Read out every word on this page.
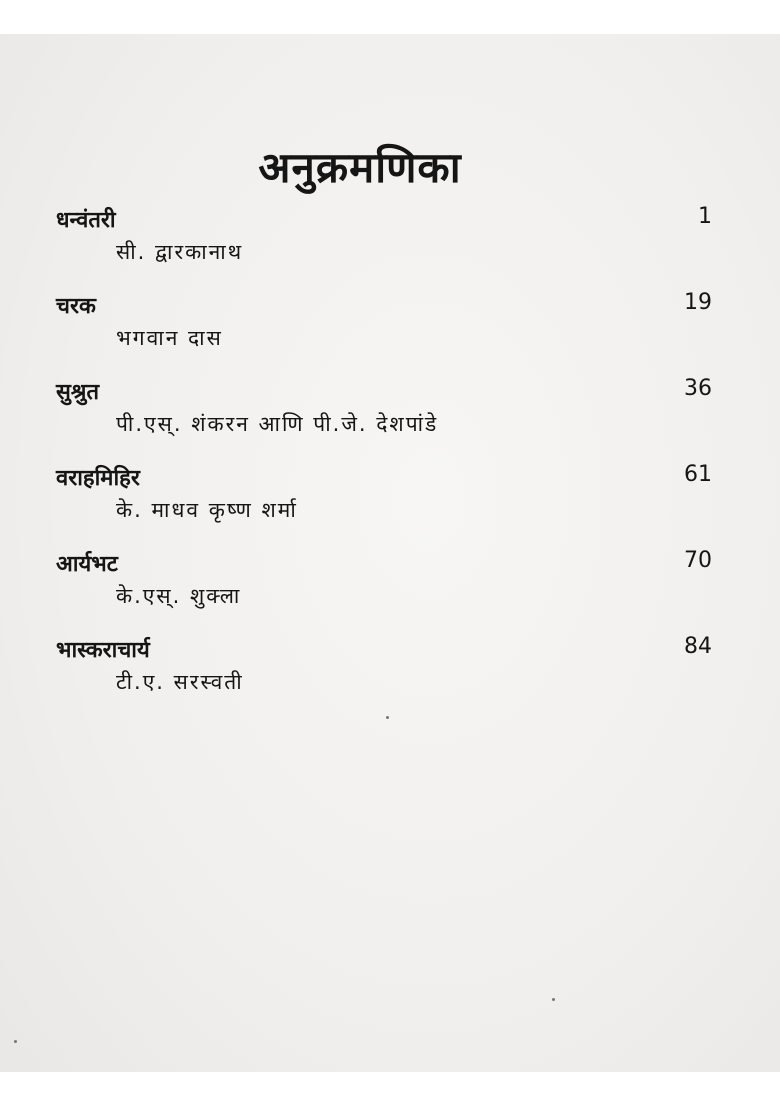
अनुक्रमणिका
धन्वंतरी	1
सी. द्वारकानाथ
चरक	19
भगवान दास
सुश्रुत	36
पी.एस्. शंकरन आणि पी.जे. देशपांडे
वराहमिहिर	61
के. माधव कृष्ण शर्मा
आर्यभट	70
के.एस्. शुक्ला
भास्कराचार्य	84
टी.ए. सरस्वती
